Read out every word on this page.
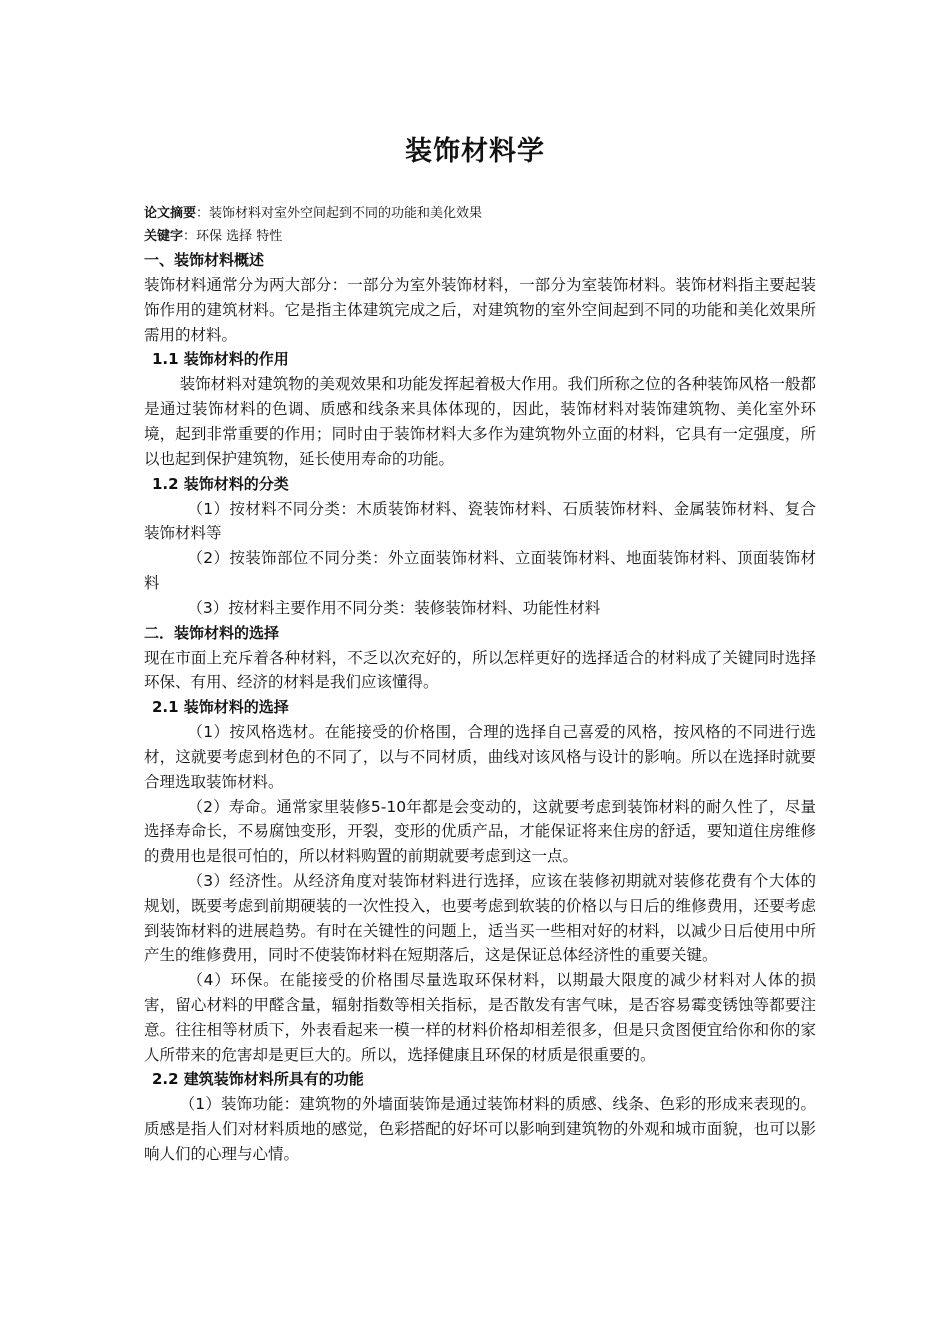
装饰材料学
论文摘要：装饰材料对室外空间起到不同的功能和美化效果
关键字：环保 选择 特性
一、装饰材料概述

装饰材料通常分为两大部分：一部分为室外装饰材料，一部分为室装饰材料。装饰材料指主要起装饰作用的建筑材料。它是指主体建筑完成之后，对建筑物的室外空间起到不同的功能和美化效果所需用的材料。

1.1 装饰材料的作用

装饰材料对建筑物的美观效果和功能发挥起着极大作用。我们所称之位的各种装饰风格一般都是通过装饰材料的色调、质感和线条来具体体现的，因此，装饰材料对装饰建筑物、美化室外环境，起到非常重要的作用；同时由于装饰材料大多作为建筑物外立面的材料，它具有一定强度，所以也起到保护建筑物，延长使用寿命的功能。

1.2 装饰材料的分类

（1）按材料不同分类：木质装饰材料、瓷装饰材料、石质装饰材料、金属装饰材料、复合装饰材料等

（2）按装饰部位不同分类：外立面装饰材料、立面装饰材料、地面装饰材料、顶面装饰材料

（3）按材料主要作用不同分类：装修装饰材料、功能性材料

二．装饰材料的选择

现在市面上充斥着各种材料，不乏以次充好的，所以怎样更好的选择适合的材料成了关键同时选择环保、有用、经济的材料是我们应该懂得。

2.1 装饰材料的选择

（1）按风格选材。在能接受的价格围，合理的选择自己喜爱的风格，按风格的不同进行选材，这就要考虑到材色的不同了，以与不同材质，曲线对该风格与设计的影响。所以在选择时就要合理选取装饰材料。

（2）寿命。通常家里装修5-10年都是会变动的，这就要考虑到装饰材料的耐久性了，尽量选择寿命长，不易腐蚀变形，开裂，变形的优质产品，才能保证将来住房的舒适，要知道住房维修的费用也是很可怕的，所以材料购置的前期就要考虑到这一点。

（3）经济性。从经济角度对装饰材料进行选择，应该在装修初期就对装修花费有个大体的规划，既要考虑到前期硬装的一次性投入，也要考虑到软装的价格以与日后的维修费用，还要考虑到装饰材料的进展趋势。有时在关键性的问题上，适当买一些相对好的材料，以减少日后使用中所产生的维修费用，同时不使装饰材料在短期落后，这是保证总体经济性的重要关键。

（4）环保。在能接受的价格围尽量选取环保材料，以期最大限度的减少材料对人体的损害，留心材料的甲醛含量，辐射指数等相关指标，是否散发有害气味，是否容易霉变锈蚀等都要注意。往往相等材质下，外表看起来一模一样的材料价格却相差很多，但是只贪图便宜给你和你的家人所带来的危害却是更巨大的。所以，选择健康且环保的材质是很重要的。

2.2 建筑装饰材料所具有的功能

（1）装饰功能：建筑物的外墙面装饰是通过装饰材料的质感、线条、色彩的形成来表现的。质感是指人们对材料质地的感觉，色彩搭配的好坏可以影响到建筑物的外观和城市面貌，也可以影响人们的心理与心情。
